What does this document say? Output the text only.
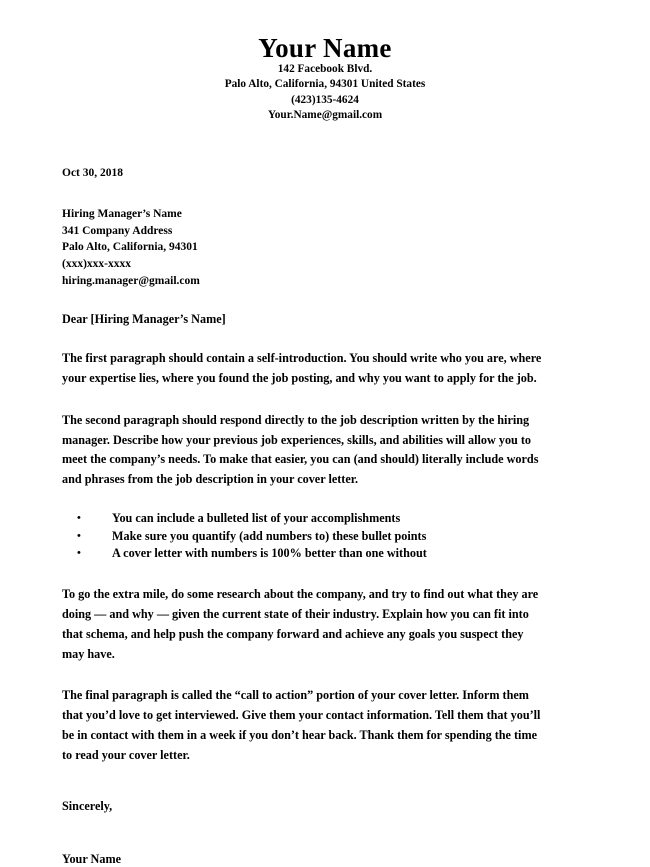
Your Name
142 Facebook Blvd.
Palo Alto, California, 94301 United States
(423)135-4624
Your.Name@gmail.com
Oct 30, 2018
Hiring Manager’s Name
341 Company Address
Palo Alto, California, 94301
(xxx)xxx-xxxx
hiring.manager@gmail.com
Dear [Hiring Manager’s Name]

The first paragraph should contain a self-introduction. You should write who you are, where your expertise lies, where you found the job posting, and why you want to apply for the job.

The second paragraph should respond directly to the job description written by the hiring manager. Describe how your previous job experiences, skills, and abilities will allow you to meet the company’s needs. To make that easier, you can (and should) literally include words and phrases from the job description in your cover letter.

•	You can include a bulleted list of your accomplishments
•	Make sure you quantify (add numbers to) these bullet points
•	A cover letter with numbers is 100% better than one without

To go the extra mile, do some research about the company, and try to find out what they are doing — and why — given the current state of their industry. Explain how you can fit into that schema, and help push the company forward and achieve any goals you suspect they may have.

The final paragraph is called the “call to action” portion of your cover letter. Inform them that you’d love to get interviewed. Give them your contact information. Tell them that you’ll be in contact with them in a week if you don’t hear back. Thank them for spending the time to read your cover letter.

Sincerely,
Your Name
